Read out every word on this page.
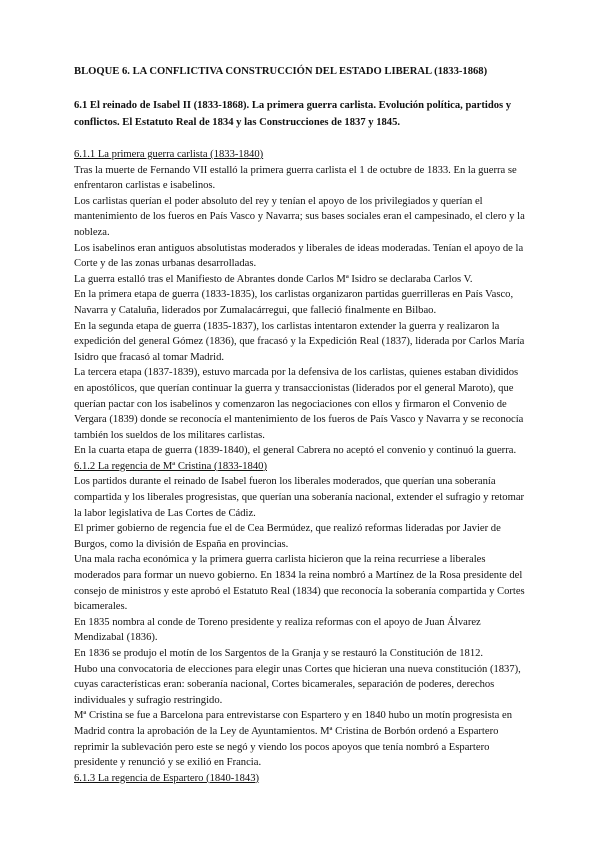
BLOQUE 6. LA CONFLICTIVA CONSTRUCCIÓN DEL ESTADO LIBERAL (1833-1868)

6.1 El reinado de Isabel II (1833-1868). La primera guerra carlista. Evolución política, partidos y conflictos. El Estatuto Real de 1834 y las Construcciones de 1837 y 1845.

6.1.1 La primera guerra carlista (1833-1840)

Tras la muerte de Fernando VII estalló la primera guerra carlista el 1 de octubre de 1833. En la guerra se enfrentaron carlistas e isabelinos.

Los carlistas querían el poder absoluto del rey y tenían el apoyo de los privilegiados y querían el mantenimiento de los fueros en País Vasco y Navarra; sus bases sociales eran el campesinado, el clero y la nobleza.

Los isabelinos eran antiguos absolutistas moderados y liberales de ideas moderadas. Tenían el apoyo de la Corte y de las zonas urbanas desarrolladas.

La guerra estalló tras el Manifiesto de Abrantes donde Carlos Mª Isidro se declaraba Carlos V.

En la primera etapa de guerra (1833-1835), los carlistas organizaron partidas guerrilleras en País Vasco, Navarra y Cataluña, liderados por Zumalacárregui, que falleció finalmente en Bilbao.

En la segunda etapa de guerra (1835-1837), los carlistas intentaron extender la guerra y realizaron la expedición del general Gómez (1836), que fracasó y la Expedición Real (1837), liderada por Carlos María Isidro que fracasó al tomar Madrid.

La tercera etapa (1837-1839), estuvo marcada por la defensiva de los carlistas, quienes estaban divididos en apostólicos, que querían continuar la guerra y transaccionistas (liderados por el general Maroto), que querían pactar con los isabelinos y comenzaron las negociaciones con ellos y firmaron el Convenio de Vergara (1839) donde se reconocía el mantenimiento de los fueros de País Vasco y Navarra y se reconocía también los sueldos de los militares carlistas.

En la cuarta etapa de guerra (1839-1840), el general Cabrera no aceptó el convenio y continuó la guerra.

6.1.2 La regencia de Mª Cristina (1833-1840)

Los partidos durante el reinado de Isabel fueron los liberales moderados, que querían una soberanía compartida y los liberales progresistas, que querían una soberanía nacional, extender el sufragio y retomar la labor legislativa de Las Cortes de Cádiz.

El primer gobierno de regencia fue el de Cea Bermúdez, que realizó reformas lideradas por Javier de Burgos, como la división de España en provincias.

Una mala racha económica y la primera guerra carlista hicieron que la reina recurriese a liberales moderados para formar un nuevo gobierno. En 1834 la reina nombró a Martínez de la Rosa presidente del consejo de ministros y este aprobó el Estatuto Real (1834) que reconocía la soberanía compartida y Cortes bicamerales.

En 1835 nombra al conde de Toreno presidente y realiza reformas con el apoyo de Juan Álvarez Mendizabal (1836).

En 1836 se produjo el motín de los Sargentos de la Granja y se restauró la Constitución de 1812.

Hubo una convocatoria de elecciones para elegir unas Cortes que hicieran una nueva constitución (1837), cuyas características eran: soberanía nacional, Cortes bicamerales, separación de poderes, derechos individuales y sufragio restringido.

Mª Cristina se fue a Barcelona para entrevistarse con Espartero y en 1840 hubo un motín progresista en Madrid contra la aprobación de la Ley de Ayuntamientos. Mª Cristina de Borbón ordenó a Espartero reprimir la sublevación pero este se negó y viendo los pocos apoyos que tenía nombró a Espartero presidente y renunció y se exilió en Francia.

6.1.3 La regencia de Espartero (1840-1843)
